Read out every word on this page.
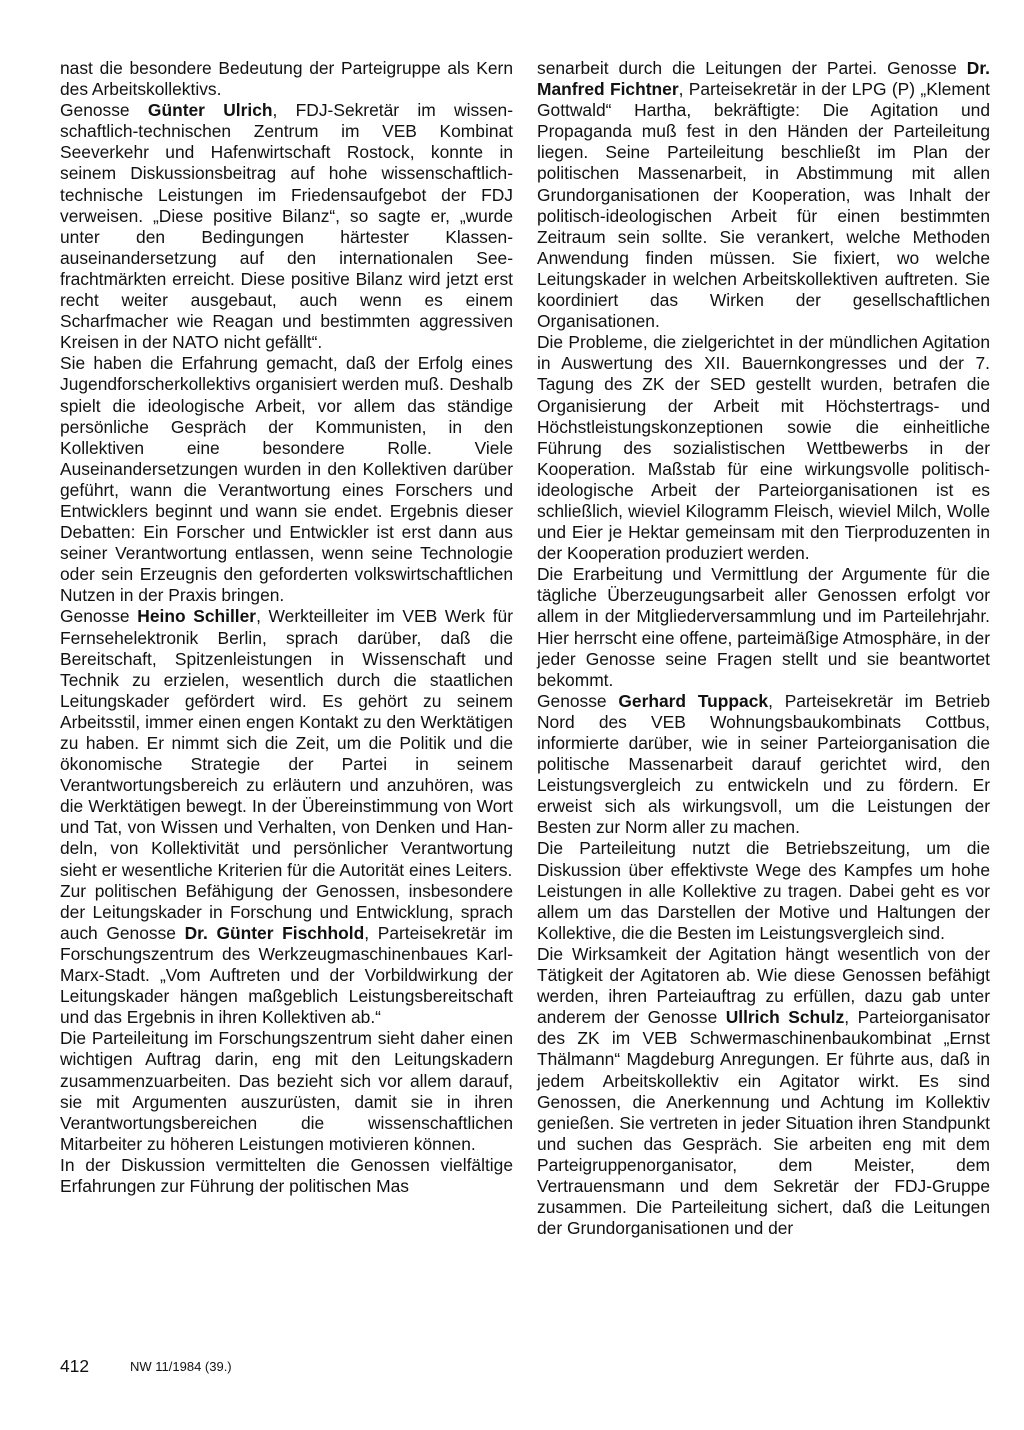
nast die besondere Bedeutung der Parteigruppe als Kern des Arbeitskollektivs.

Genosse Günter Ulrich, FDJ-Sekretär im wissenschaftlich-technischen Zentrum im VEB Kombinat Seeverkehr und Hafenwirtschaft Rostock, konnte in seinem Diskussionsbeitrag auf hohe wissenschaftlich-technische Leistungen im Friedensaufgebot der FDJ verweisen. „Diese positive Bilanz“, so sagte er, „wurde unter den Bedingungen härtester Klassenauseinandersetzung auf den internationalen Seefrachtmärkten erreicht. Diese positive Bilanz wird jetzt erst recht weiter ausgebaut, auch wenn es einem Scharfmacher wie Reagan und bestimmten aggressiven Kreisen in der NATO nicht gefällt“.

Sie haben die Erfahrung gemacht, daß der Erfolg eines Jugendforscherkollektivs organisiert werden muß. Deshalb spielt die ideologische Arbeit, vor allem das ständige persönliche Gespräch der Kommunisten, in den Kollektiven eine besondere Rolle. Viele Auseinandersetzungen wurden in den Kollektiven darüber geführt, wann die Verantwortung eines Forschers und Entwicklers beginnt und wann sie endet. Ergebnis dieser Debatten: Ein Forscher und Entwickler ist erst dann aus seiner Verantwortung entlassen, wenn seine Technologie oder sein Erzeugnis den geforderten volkswirtschaftlichen Nutzen in der Praxis bringen.

Genosse Heino Schiller, Werkteilleiter im VEB Werk für Fernsehelektronik Berlin, sprach darüber, daß die Bereitschaft, Spitzenleistungen in Wissenschaft und Technik zu erzielen, wesentlich durch die staatlichen Leitungskader gefördert wird. Es gehört zu seinem Arbeitsstil, immer einen engen Kontakt zu den Werktätigen zu haben. Er nimmt sich die Zeit, um die Politik und die ökonomische Strategie der Partei in seinem Verantwortungsbereich zu erläutern und anzuhören, was die Werktätigen bewegt. In der Übereinstimmung von Wort und Tat, von Wissen und Verhalten, von Denken und Handeln, von Kollektivität und persönlicher Verantwortung sieht er wesentliche Kriterien für die Autorität eines Leiters.

Zur politischen Befähigung der Genossen, insbesondere der Leitungskader in Forschung und Entwicklung, sprach auch Genosse Dr. Günter Fischhold, Parteisekretär im Forschungszentrum des Werkzeugmaschinenbaues Karl-Marx-Stadt. „Vom Auftreten und der Vorbildwirkung der Leitungskader hängen maßgeblich Leistungsbereitschaft und das Ergebnis in ihren Kollektiven ab.“

Die Parteileitung im Forschungszentrum sieht daher einen wichtigen Auftrag darin, eng mit den Leitungskadern zusammenzuarbeiten. Das bezieht sich vor allem darauf, sie mit Argumenten auszurüsten, damit sie in ihren Verantwortungsbereichen die wissenschaftlichen Mitarbeiter zu höheren Leistungen motivieren können.

In der Diskussion vermittelten die Genossen vielfältige Erfahrungen zur Führung der politischen Mas

senarbeit durch die Leitungen der Partei. Genosse Dr. Manfred Fichtner, Parteisekretär in der LPG (P) „Klement Gottwald“ Hartha, bekräftigte: Die Agitation und Propaganda muß fest in den Händen der Parteileitung liegen. Seine Parteileitung beschließt im Plan der politischen Massenarbeit, in Abstimmung mit allen Grundorganisationen der Kooperation, was Inhalt der politisch-ideologischen Arbeit für einen bestimmten Zeitraum sein sollte. Sie verankert, welche Methoden Anwendung finden müssen. Sie fixiert, wo welche Leitungskader in welchen Arbeitskollektiven auftreten. Sie koordiniert das Wirken der gesellschaftlichen Organisationen.

Die Probleme, die zielgerichtet in der mündlichen Agitation in Auswertung des XII. Bauernkongresses und der 7. Tagung des ZK der SED gestellt wurden, betrafen die Organisierung der Arbeit mit Höchstertrags- und Höchstleistungskonzeptionen sowie die einheitliche Führung des sozialistischen Wettbewerbs in der Kooperation. Maßstab für eine wirkungsvolle politisch-ideologische Arbeit der Parteiorganisationen ist es schließlich, wieviel Kilogramm Fleisch, wieviel Milch, Wolle und Eier je Hektar gemeinsam mit den Tierproduzenten in der Kooperation produziert werden.

Die Erarbeitung und Vermittlung der Argumente für die tägliche Überzeugungsarbeit aller Genossen erfolgt vor allem in der Mitgliederversammlung und im Parteilehrjahr. Hier herrscht eine offene, parteimäßige Atmosphäre, in der jeder Genosse seine Fragen stellt und sie beantwortet bekommt.

Genosse Gerhard Tuppack, Parteisekretär im Betrieb Nord des VEB Wohnungsbaukombinats Cottbus, informierte darüber, wie in seiner Parteiorganisation die politische Massenarbeit darauf gerichtet wird, den Leistungsvergleich zu entwickeln und zu fördern. Er erweist sich als wirkungsvoll, um die Leistungen der Besten zur Norm aller zu machen.

Die Parteileitung nutzt die Betriebszeitung, um die Diskussion über effektivste Wege des Kampfes um hohe Leistungen in alle Kollektive zu tragen. Dabei geht es vor allem um das Darstellen der Motive und Haltungen der Kollektive, die die Besten im Leistungsvergleich sind.

Die Wirksamkeit der Agitation hängt wesentlich von der Tätigkeit der Agitatoren ab. Wie diese Genossen befähigt werden, ihren Parteiauftrag zu erfüllen, dazu gab unter anderem der Genosse Ullrich Schulz, Parteiorganisator des ZK im VEB Schwermaschinenbaukombinat „Ernst Thälmann“ Magdeburg Anregungen. Er führte aus, daß in jedem Arbeitskollektiv ein Agitator wirkt. Es sind Genossen, die Anerkennung und Achtung im Kollektiv genießen. Sie vertreten in jeder Situation ihren Standpunkt und suchen das Gespräch. Sie arbeiten eng mit dem Parteigruppenorganisator, dem Meister, dem Vertrauensmann und dem Sekretär der FDJ-Gruppe zusammen. Die Parteileitung sichert, daß die Leitungen der Grundorganisationen und der

412	NW 11/1984 (39.)
